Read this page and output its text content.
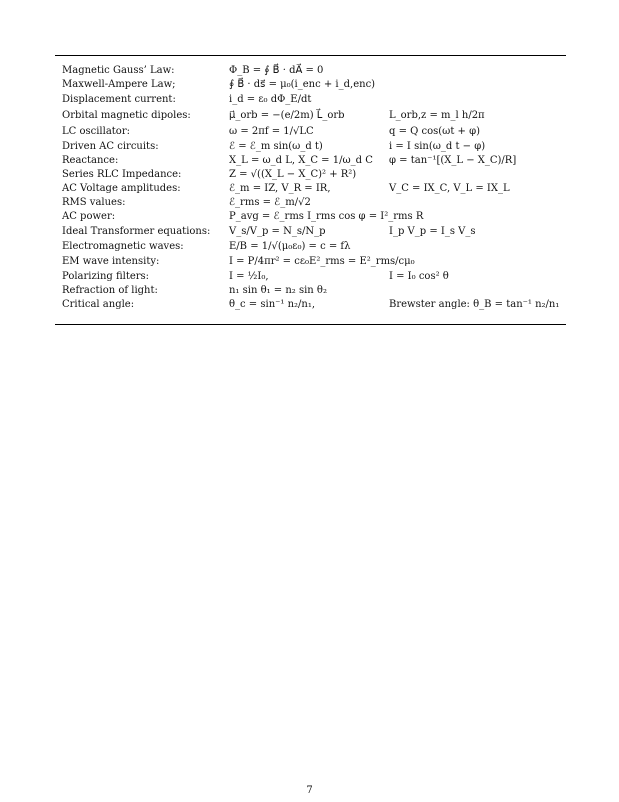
Magnetic Gauss’ Law:	Φ_B = ∮ B⃗ · dA⃗ = 0
Maxwell-Ampere Law;	∮ B⃗ · ds⃗ = μ₀(i_enc + i_d,enc)
Displacement current:	i_d = ε₀ dΦ_E/dt
Orbital magnetic dipoles:	μ⃗_orb = −(e/2m) L⃗_orb	L_orb,z = m_l h/2π
LC oscillator:	ω = 2πf = 1/√LC	q = Q cos(ωt + φ)
Driven AC circuits:	ℰ = ℰ_m sin(ω_d t)	i = I sin(ω_d t − φ)
Reactance:	X_L = ω_d L, X_C = 1/ω_d C	φ = tan⁻¹[(X_L − X_C)/R]
Series RLC Impedance:	Z = √((X_L − X_C)² + R²)
AC Voltage amplitudes:	ℰ_m = IZ, V_R = IR,	V_C = IX_C, V_L = IX_L
RMS values:	ℰ_rms = ℰ_m/√2
AC power:	P_avg = ℰ_rms I_rms cos φ = I²_rms R
Ideal Transformer equations:	V_s/V_p = N_s/N_p	I_p V_p = I_s V_s
Electromagnetic waves:	E/B = 1/√(μ₀ε₀) = c = fλ
EM wave intensity:	I = P/4πr² = cε₀E²_rms = E²_rms/cμ₀
Polarizing filters:	I = ½I₀,	I = I₀ cos² θ
Refraction of light:	n₁ sin θ₁ = n₂ sin θ₂
Critical angle:	θ_c = sin⁻¹ n₂/n₁,	Brewster angle: θ_B = tan⁻¹ n₂/n₁
7
